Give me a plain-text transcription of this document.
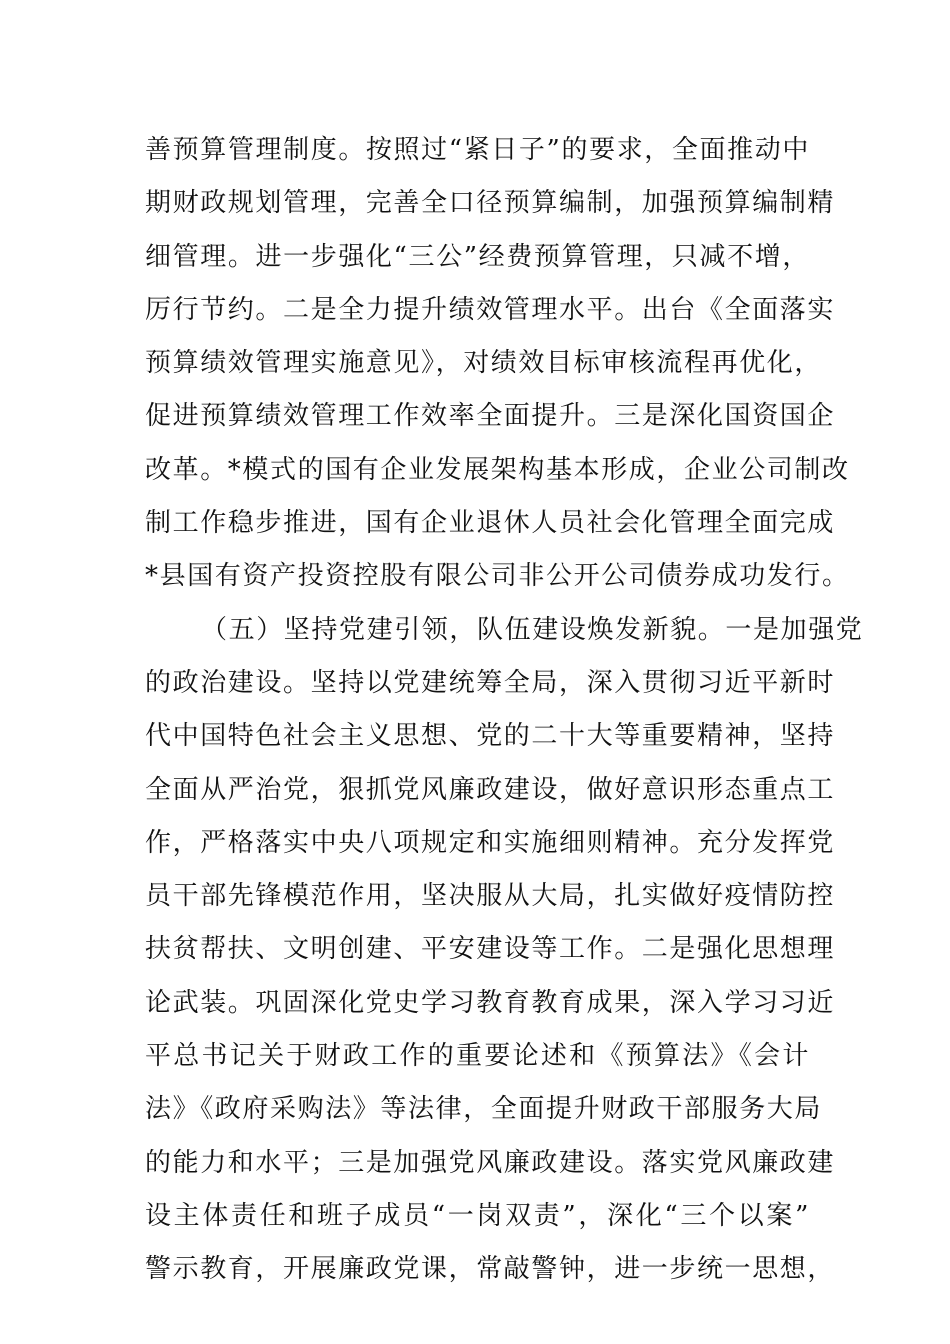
善预算管理制度。按照过“紧日子”的要求，全面推动中
期财政规划管理，完善全口径预算编制，加强预算编制精
细管理。进一步强化“三公”经费预算管理，只减不增，
厉行节约。二是全力提升绩效管理水平。出台《全面落实
预算绩效管理实施意见》，对绩效目标审核流程再优化，
促进预算绩效管理工作效率全面提升。三是深化国资国企
改革。*模式的国有企业发展架构基本形成，企业公司制改
制工作稳步推进，国有企业退休人员社会化管理全面完成
*县国有资产投资控股有限公司非公开公司债券成功发行。
（五）坚持党建引领，队伍建设焕发新貌。一是加强党
的政治建设。坚持以党建统筹全局，深入贯彻习近平新时
代中国特色社会主义思想、党的二十大等重要精神，坚持
全面从严治党，狠抓党风廉政建设，做好意识形态重点工
作，严格落实中央八项规定和实施细则精神。充分发挥党
员干部先锋模范作用，坚决服从大局，扎实做好疫情防控
扶贫帮扶、文明创建、平安建设等工作。二是强化思想理
论武装。巩固深化党史学习教育教育成果，深入学习习近
平总书记关于财政工作的重要论述和《预算法》《会计
法》《政府采购法》等法律，全面提升财政干部服务大局
的能力和水平；三是加强党风廉政建设。落实党风廉政建
设主体责任和班子成员“一岗双责”，深化“三个以案”
警示教育，开展廉政党课，常敲警钟，进一步统一思想，
